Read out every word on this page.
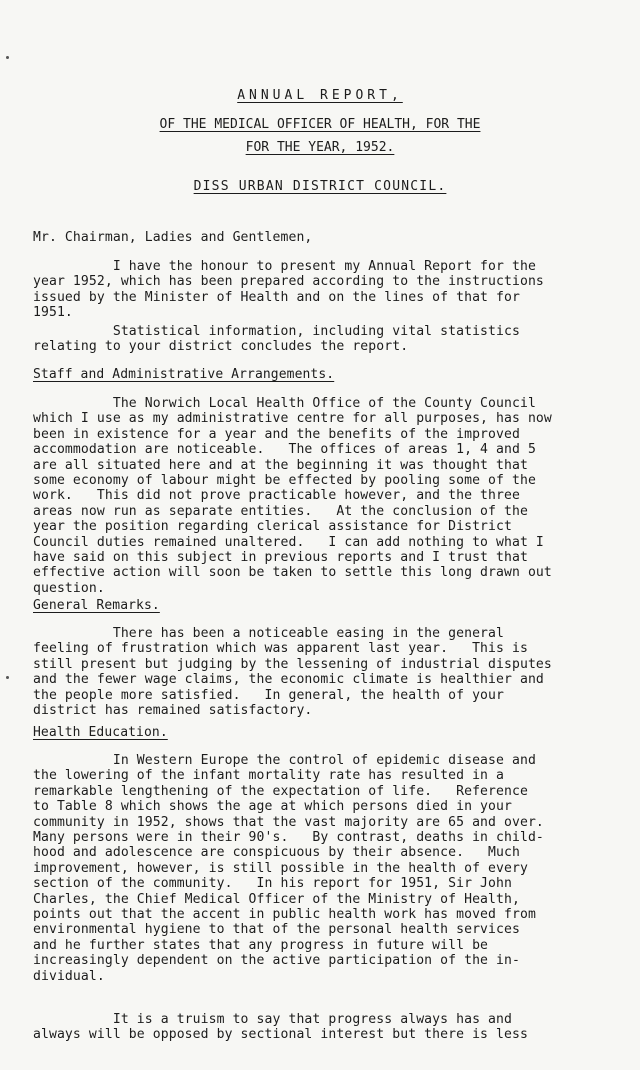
ANNUAL REPORT,
OF THE MEDICAL OFFICER OF HEALTH, FOR THE
FOR THE YEAR, 1952.
DISS URBAN DISTRICT COUNCIL.
Mr. Chairman, Ladies and Gentlemen,
I have the honour to present my Annual Report for the
year 1952, which has been prepared according to the instructions
issued by the Minister of Health and on the lines of that for
1951.
Statistical information, including vital statistics
relating to your district concludes the report.
Staff and Administrative Arrangements.
The Norwich Local Health Office of the County Council
which I use as my administrative centre for all purposes, has now
been in existence for a year and the benefits of the improved
accommodation are noticeable.   The offices of areas 1, 4 and 5
are all situated here and at the beginning it was thought that
some economy of labour might be effected by pooling some of the
work.   This did not prove practicable however, and the three
areas now run as separate entities.   At the conclusion of the
year the position regarding clerical assistance for District
Council duties remained unaltered.   I can add nothing to what I
have said on this subject in previous reports and I trust that
effective action will soon be taken to settle this long drawn out
question.
General Remarks.
There has been a noticeable easing in the general
feeling of frustration which was apparent last year.   This is
still present but judging by the lessening of industrial disputes
and the fewer wage claims, the economic climate is healthier and
the people more satisfied.   In general, the health of your
district has remained satisfactory.
Health Education.
In Western Europe the control of epidemic disease and
the lowering of the infant mortality rate has resulted in a
remarkable lengthening of the expectation of life.   Reference
to Table 8 which shows the age at which persons died in your
community in 1952, shows that the vast majority are 65 and over.
Many persons were in their 90's.   By contrast, deaths in child-
hood and adolescence are conspicuous by their absence.   Much
improvement, however, is still possible in the health of every
section of the community.   In his report for 1951, Sir John
Charles, the Chief Medical Officer of the Ministry of Health,
points out that the accent in public health work has moved from
environmental hygiene to that of the personal health services
and he further states that any progress in future will be
increasingly dependent on the active participation of the in-
dividual.
It is a truism to say that progress always has and
always will be opposed by sectional interest but there is less
